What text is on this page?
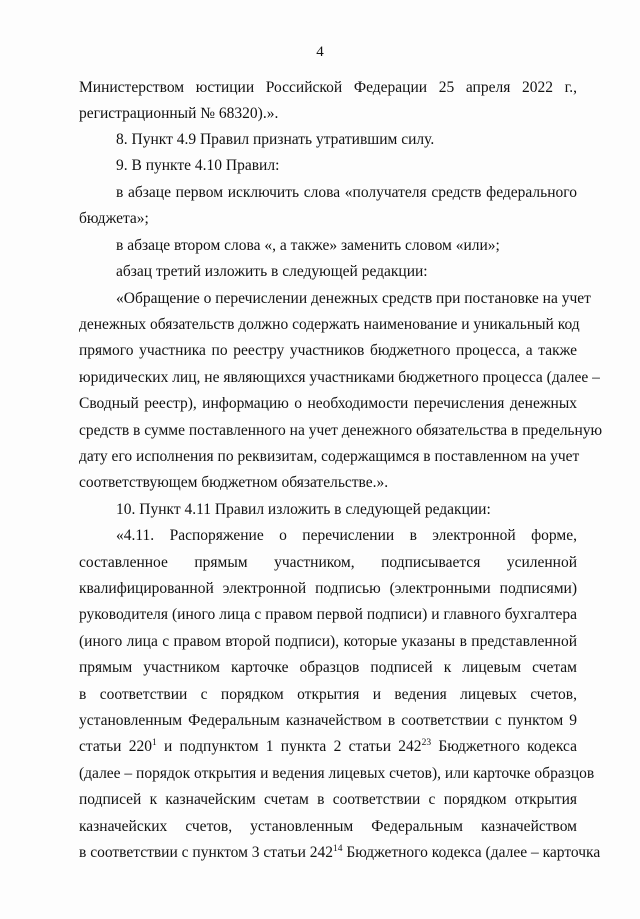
4
Министерством юстиции Российской Федерации 25 апреля 2022 г.,
регистрационный № 68320).».
8. Пункт 4.9 Правил признать утратившим силу.
9. В пункте 4.10 Правил:
в абзаце первом исключить слова «получателя средств федерального
бюджета»;
в абзаце втором слова «, а также» заменить словом «или»;
абзац третий изложить в следующей редакции:
«Обращение о перечислении денежных средств при постановке на учет
денежных обязательств должно содержать наименование и уникальный код
прямого участника по реестру участников бюджетного процесса, а также
юридических лиц, не являющихся участниками бюджетного процесса (далее –
Сводный реестр), информацию о необходимости перечисления денежных
средств в сумме поставленного на учет денежного обязательства в предельную
дату его исполнения по реквизитам, содержащимся в поставленном на учет
соответствующем бюджетном обязательстве.».
10. Пункт 4.11 Правил изложить в следующей редакции:
«4.11. Распоряжение о перечислении в электронной форме,
составленное прямым участником, подписывается усиленной
квалифицированной электронной подписью (электронными подписями)
руководителя (иного лица с правом первой подписи) и главного бухгалтера
(иного лица с правом второй подписи), которые указаны в представленной
прямым участником карточке образцов подписей к лицевым счетам
в соответствии с порядком открытия и ведения лицевых счетов,
установленным Федеральным казначейством в соответствии с пунктом 9
статьи $220^1$ и подпунктом 1 пункта 2 статьи $242^{23}$ Бюджетного кодекса
(далее – порядок открытия и ведения лицевых счетов), или карточке образцов
подписей к казначейским счетам в соответствии с порядком открытия
казначейских счетов, установленным Федеральным казначейством
в соответствии с пунктом 3 статьи $242^{14}$ Бюджетного кодекса (далее – карточка
